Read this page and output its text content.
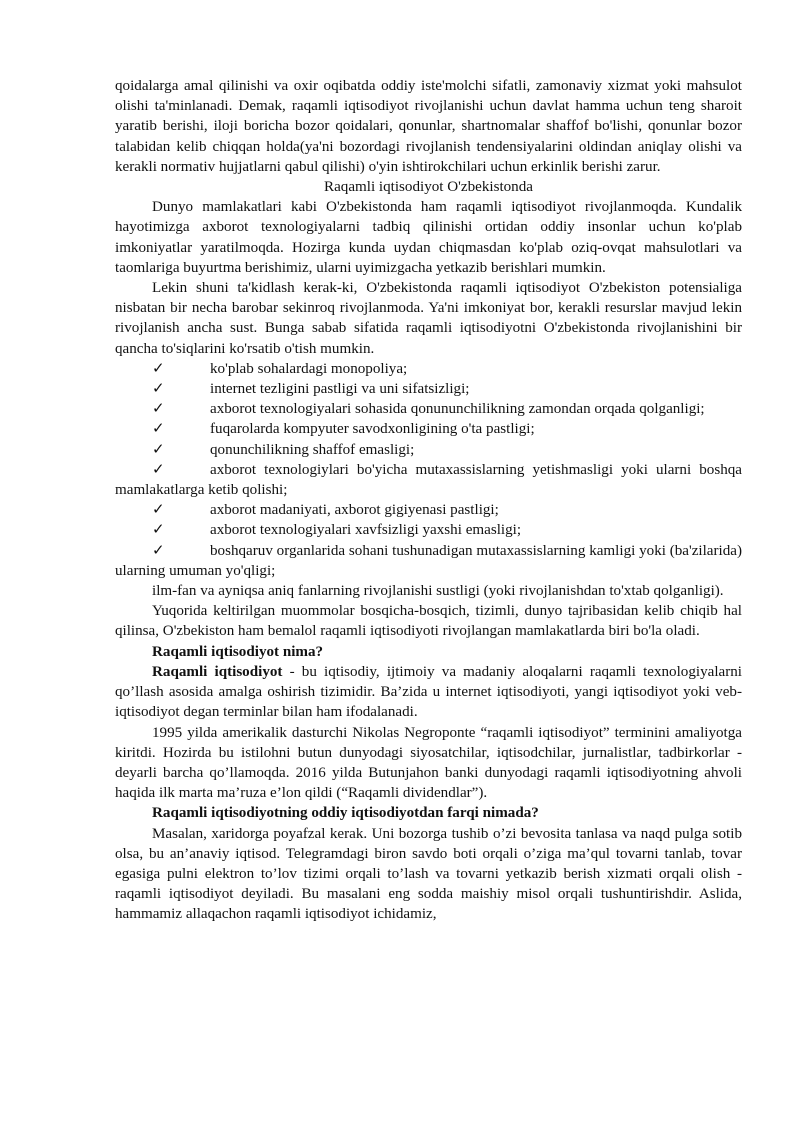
qoidalarga amal qilinishi va oxir oqibatda oddiy iste'molchi sifatli, zamonaviy xizmat yoki mahsulot olishi ta'minlanadi. Demak, raqamli iqtisodiyot rivojlanishi uchun davlat hamma uchun teng sharoit yaratib berishi, iloji boricha bozor qoidalari, qonunlar, shartnomalar shaffof bo'lishi, qonunlar bozor talabidan kelib chiqqan holda(ya'ni bozordagi rivojlanish tendensiyalarini oldindan aniqlay olishi va kerakli normativ hujjatlarni qabul qilishi) o'yin ishtirokchilari uchun erkinlik berishi zarur.

Raqamli iqtisodiyot O'zbekistonda

Dunyo mamlakatlari kabi O'zbekistonda ham raqamli iqtisodiyot rivojlanmoqda. Kundalik hayotimizga axborot texnologiyalarni tadbiq qilinishi ortidan oddiy insonlar uchun ko'plab imkoniyatlar yaratilmoqda. Hozirga kunda uydan chiqmasdan ko'plab oziq-ovqat mahsulotlari va taomlariga buyurtma berishimiz, ularni uyimizgacha yetkazib berishlari mumkin.

Lekin shuni ta'kidlash kerak-ki, O'zbekistonda raqamli iqtisodiyot O'zbekiston potensialiga nisbatan bir necha barobar sekinroq rivojlanmoda. Ya'ni imkoniyat bor, kerakli resurslar mavjud lekin rivojlanish ancha sust. Bunga sabab sifatida raqamli iqtisodiyotni O'zbekistonda rivojlanishini bir qancha to'siqlarini ko'rsatib o'tish mumkin.

✓	ko'plab sohalardagi monopoliya;

✓	internet tezligini pastligi va uni sifatsizligi;

✓	axborot texnologiyalari sohasida qonununchilikning zamondan orqada qolganligi;

✓	fuqarolarda kompyuter savodxonligining o'ta pastligi;

✓	qonunchilikning shaffof emasligi;

✓	axborot texnologiylari bo'yicha mutaxassislarning yetishmasligi yoki ularni boshqa mamlakatlarga ketib qolishi;

✓	axborot madaniyati, axborot gigiyenasi pastligi;

✓	axborot texnologiyalari xavfsizligi yaxshi emasligi;

✓	boshqaruv organlarida sohani tushunadigan mutaxassislarning kamligi yoki (ba'zilarida) ularning umuman yo'qligi;

ilm-fan va ayniqsa aniq fanlarning rivojlanishi sustligi (yoki rivojlanishdan to'xtab qolganligi).

Yuqorida keltirilgan muommolar bosqicha-bosqich, tizimli, dunyo tajribasidan kelib chiqib hal qilinsa, O'zbekiston ham bemalol raqamli iqtisodiyoti rivojlangan mamlakatlarda biri bo'la oladi.

Raqamli iqtisodiyot nima?

Raqamli iqtisodiyot - bu iqtisodiy, ijtimoiy va madaniy aloqalarni raqamli texnologiyalarni qo’llash asosida amalga oshirish tizimidir. Ba’zida u internet iqtisodiyoti, yangi iqtisodiyot yoki veb-iqtisodiyot degan terminlar bilan ham ifodalanadi.

1995 yilda amerikalik dasturchi Nikolas Negroponte “raqamli iqtisodiyot” terminini amaliyotga kiritdi. Hozirda bu istilohni butun dunyodagi siyosatchilar, iqtisodchilar, jurnalistlar, tadbirkorlar - deyarli barcha qo’llamoqda. 2016 yilda Butunjahon banki dunyodagi raqamli iqtisodiyotning ahvoli haqida ilk marta ma’ruza e’lon qildi (“Raqamli dividendlar”).

Raqamli iqtisodiyotning oddiy iqtisodiyotdan farqi nimada?

Masalan, xaridorga poyafzal kerak. Uni bozorga tushib o’zi bevosita tanlasa va naqd pulga sotib olsa, bu an’anaviy iqtisod. Telegramdagi biron savdo boti orqali o’ziga ma’qul tovarni tanlab, tovar egasiga pulni elektron to’lov tizimi orqali to’lash va tovarni yetkazib berish xizmati orqali olish - raqamli iqtisodiyot deyiladi. Bu masalani eng sodda maishiy misol orqali tushuntirishdir. Aslida, hammamiz allaqachon raqamli iqtisodiyot ichidamiz,
